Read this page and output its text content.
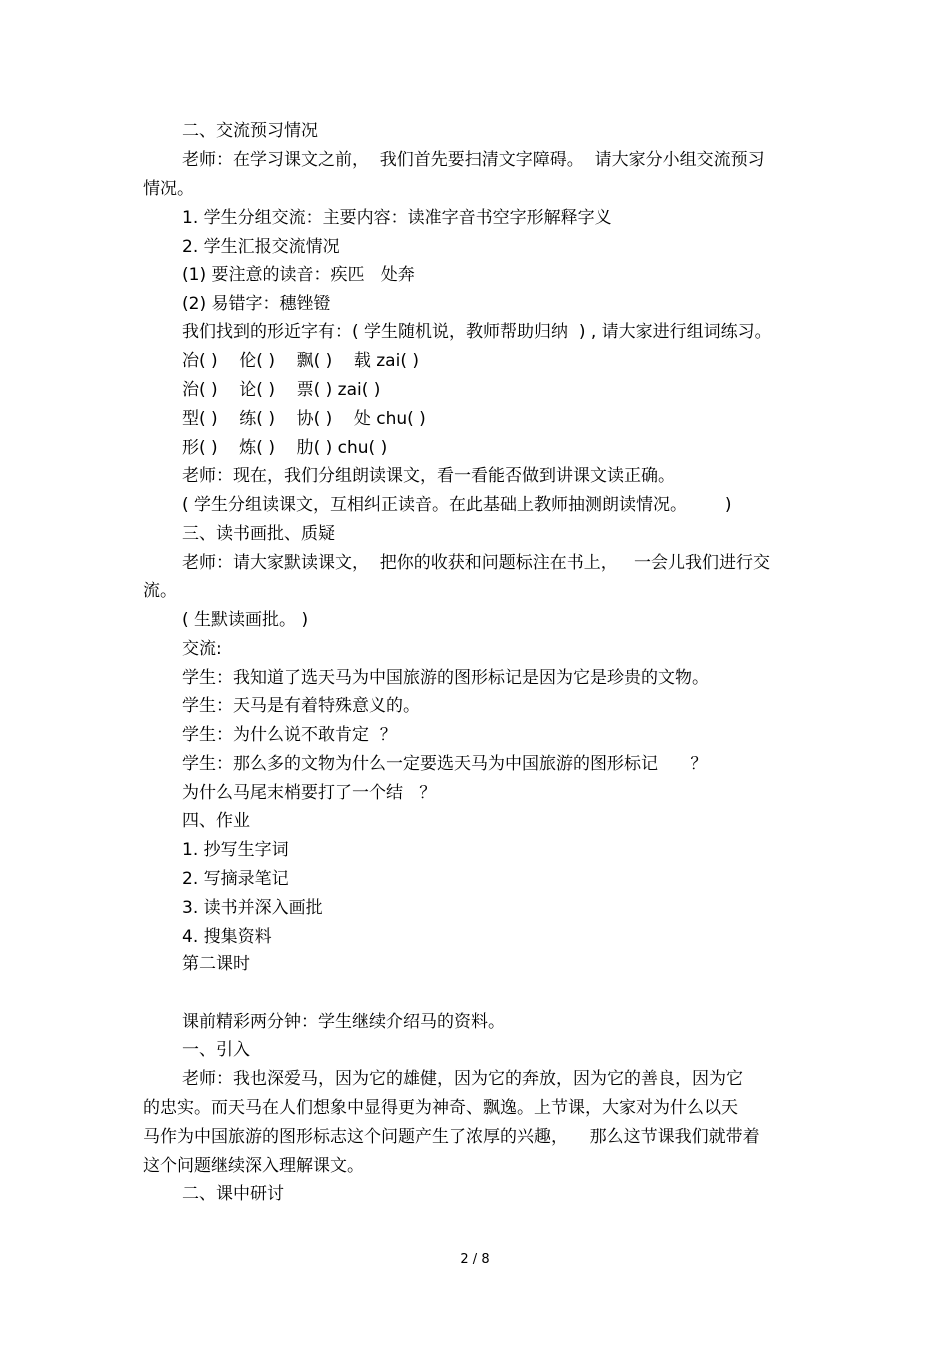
二、交流预习情况
老师：在学习课文之前，  我们首先要扫清文字障碍。  请大家分小组交流预习
情况。
1. 学生分组交流：主要内容：读准字音书空字形解释字义
2. 学生汇报交流情况
(1) 要注意的读音：疾匹   处奔
(2) 易错字：穗锉镫
我们找到的形近字有：( 学生随机说，教师帮助归纳  ) , 请大家进行组词练习。
冶( )    伦( )    飘( )    载 zai( )
治( )    论( )    票( ) zai( )
型( )    练( )    协( )    处 chu( )
形( )    炼( )    肋( ) chu( )
老师：现在，我们分组朗读课文，看一看能否做到讲课文读正确。
( 学生分组读课文，互相纠正读音。在此基础上教师抽测朗读情况。       )
三、读书画批、质疑
老师：请大家默读课文，  把你的收获和问题标注在书上，   一会儿我们进行交
流。
( 生默读画批。 )
交流:
学生：我知道了选天马为中国旅游的图形标记是因为它是珍贵的文物。
学生：天马是有着特殊意义的。
学生：为什么说不敢肯定  ？
学生：那么多的文物为什么一定要选天马为中国旅游的图形标记      ？
为什么马尾末梢要打了一个结   ？
四、作业
1. 抄写生字词
2. 写摘录笔记
3. 读书并深入画批
4. 搜集资料
第二课时
课前精彩两分钟：学生继续介绍马的资料。
一、引入
老师：我也深爱马，因为它的雄健，因为它的奔放，因为它的善良，因为它
的忠实。而天马在人们想象中显得更为神奇、飘逸。上节课，大家对为什么以天
马作为中国旅游的图形标志这个问题产生了浓厚的兴趣，    那么这节课我们就带着
这个问题继续深入理解课文。
二、课中研讨
2 / 8
